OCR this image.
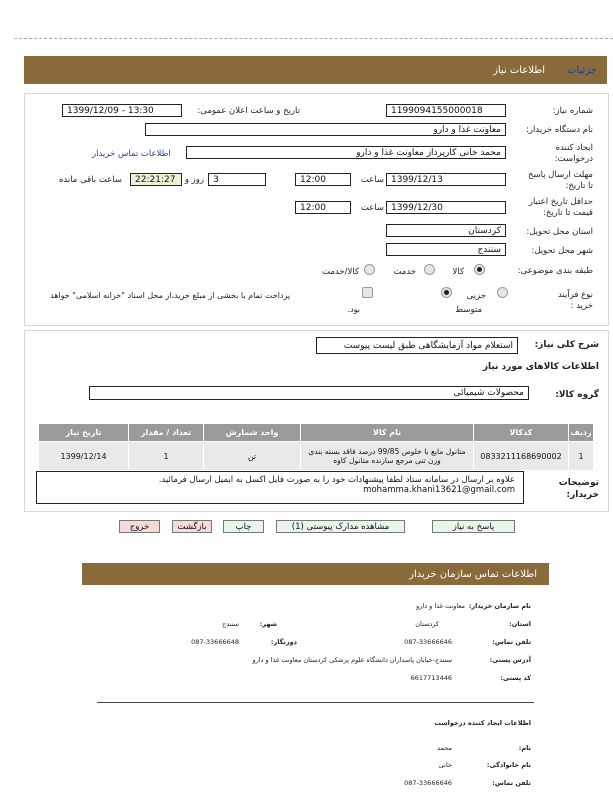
جزئیات
اطلاعات نیاز
شماره نیاز:
1199094155000018
تاریخ و ساعت اعلان عمومی:
1399/12/09 - 13:30
نام دستگاه خریدار:
معاونت غذا و دارو
ایجاد کننده
درخواست:
محمد خانی کارپرداز معاونت غذا و دارو
اطلاعات تماس خریدار
مهلت ارسال پاسخ
تا تاریخ:
1399/12/13
ساعت
12:00
3
روز و
22:21:27
ساعت باقی مانده
حداقل تاریخ اعتبار
قیمت تا تاریخ:
1399/12/30
ساعت
12:00
استان محل تحویل:
کردستان
شهر محل تحویل:
سنندج
طبقه بندی موضوعی:
کالا
خدمت
کالا/خدمت
نوع فرآیند
خرید :
متوسط
جزیی
پرداخت تمام یا بخشی از مبلغ خرید،از محل اسناد "خزانه اسلامی" خواهد
بود.
شرح کلی نیاز:
استعلام مواد آزمایشگاهی طبق لیست پیوست
اطلاعات کالاهای مورد نیاز
گروه کالا:
محصولات شیمیائی
ردیف	کدکالا	نام کالا	واحد شمارش	تعداد / مقدار	تاریخ نیاز
1	0833211168690002	متانول مایع با خلوص 99/85 درصد فاقد بسته بندی وزن تنی مرجع سازنده متانول کاوه	تن	1	1399/12/14
توضیحات
خریدار:
علاوه بر ارسال در سامانه ستاد لطفا پیشنهادات خود را به صورت فایل اکسل به ایمیل ارسال فرمائید.
mohamma.khani13621@gmail.com
پاسخ به نیاز
مشاهده مدارک پیوستی (1)
چاپ
بازگشت
خروج
اطلاعات تماس سازمان خریدار
نام سازمان خریدار:
معاونت غذا و دارو
استان:
کردستان
شهر:
سنندج
تلفن تماس:
087-33666646
دورنگار:
087-33666648
آدرس پستی:
سنندج-خیابان پاسداران دانشگاه علوم پزشکی کردستان معاونت غذا و دارو
کد پستی:
6617713446
اطلاعات ایجاد کننده درخواست
نام:
محمد
نام خانوادگی:
خانی
تلفن تماس:
087-33666646
